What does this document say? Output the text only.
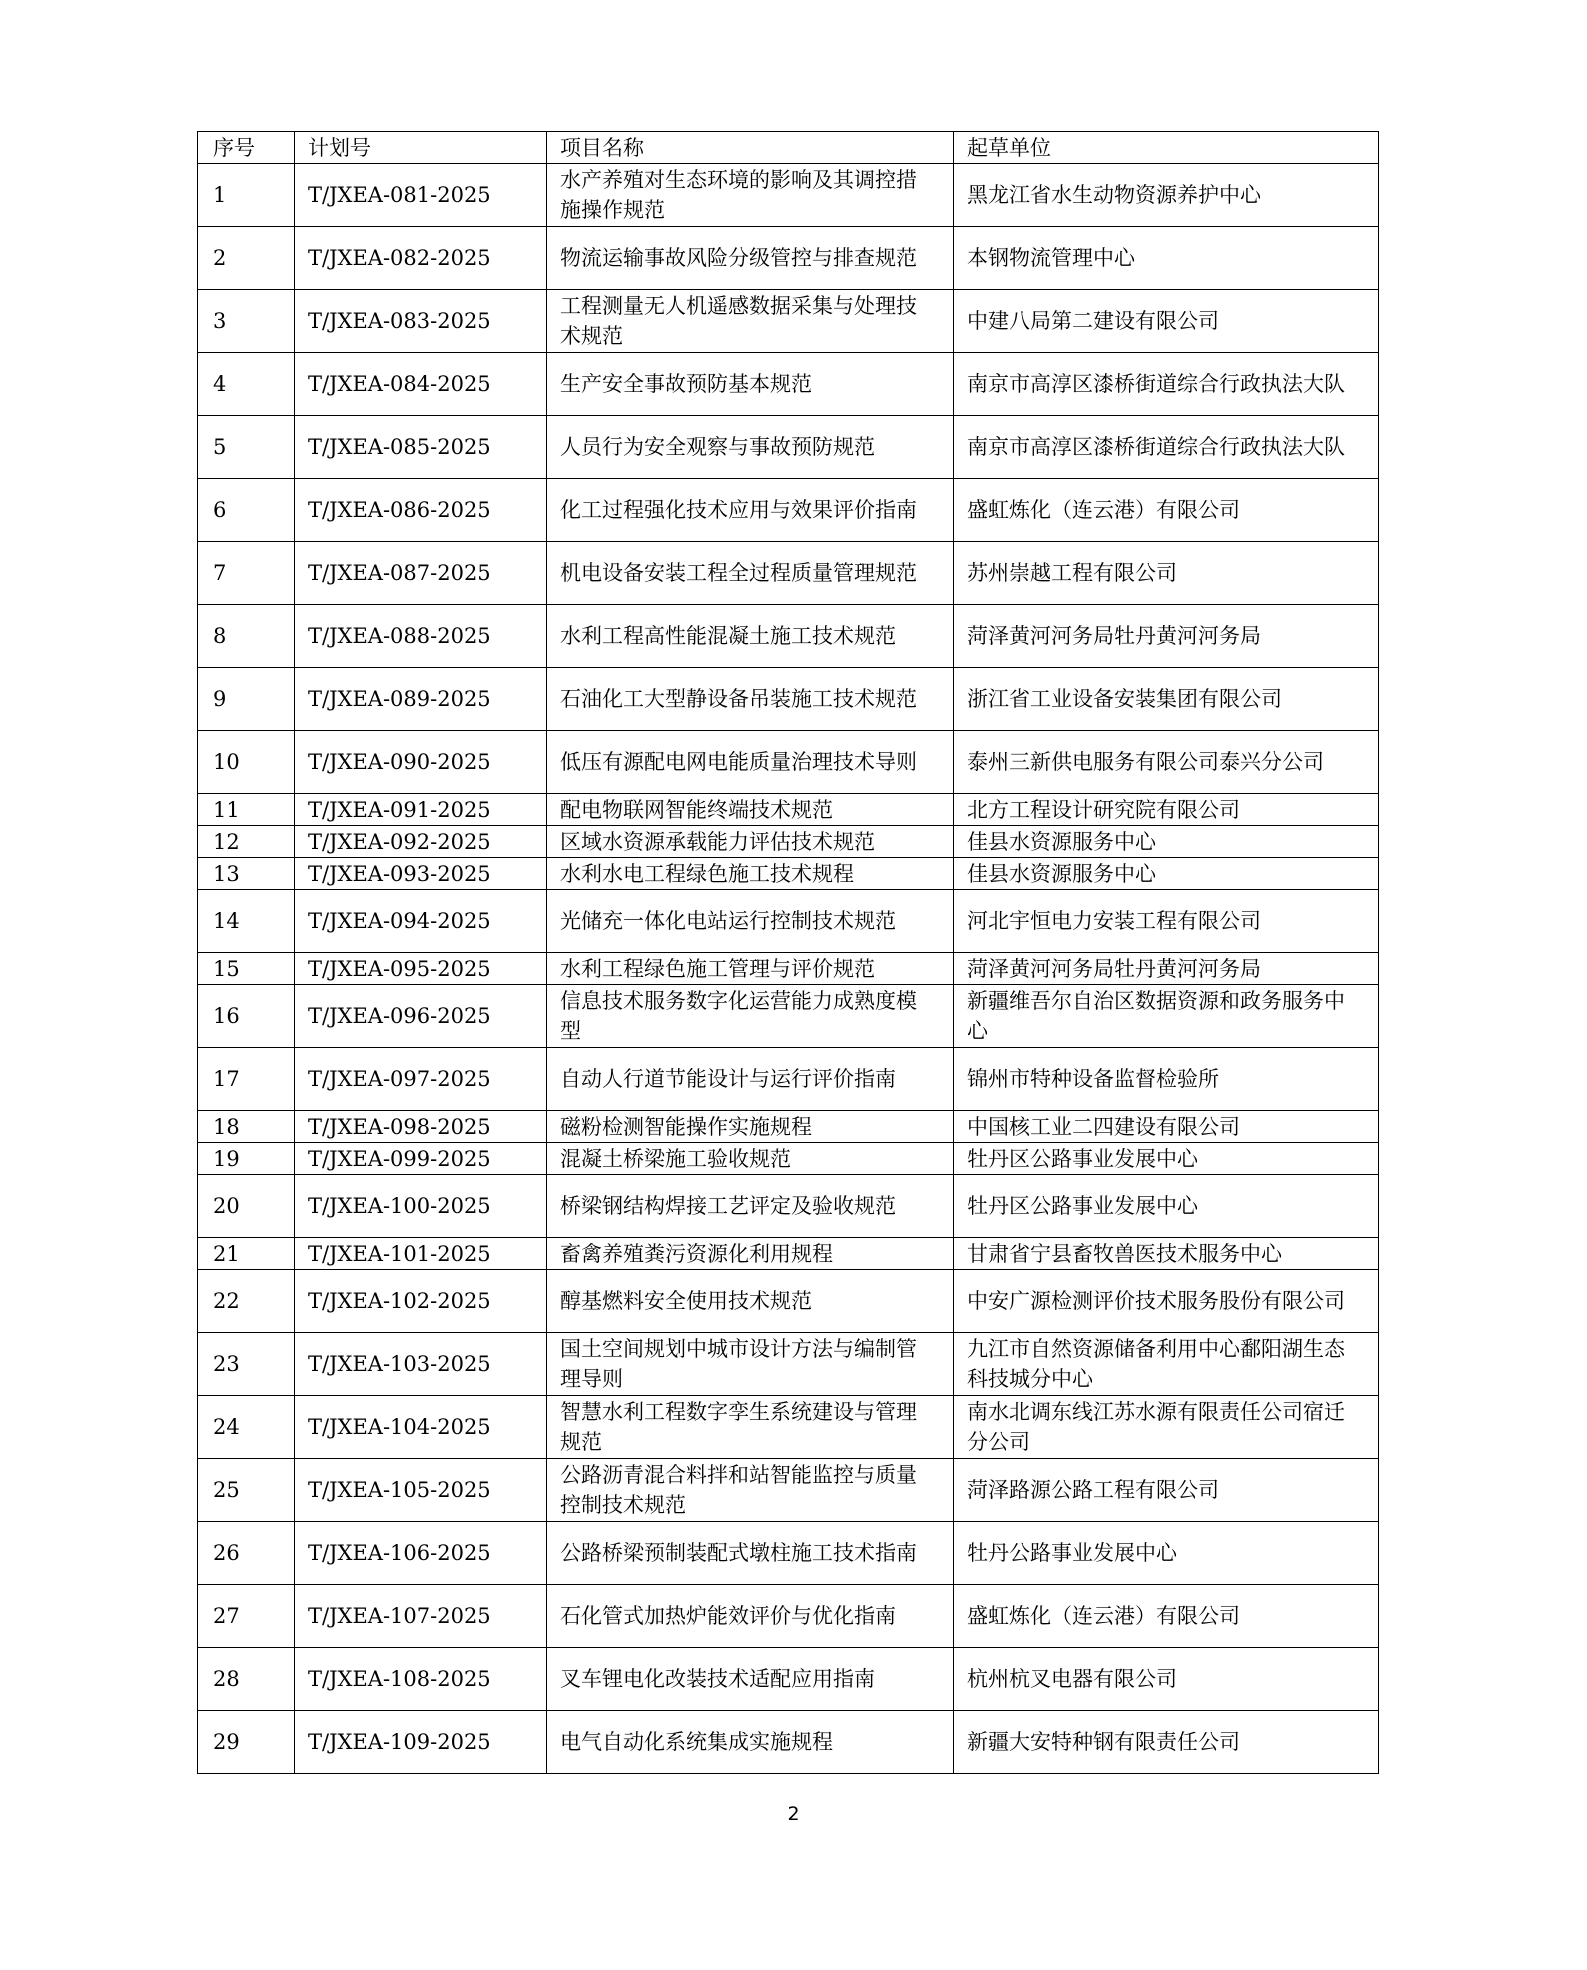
序号	计划号	项目名称	起草单位
1	T/JXEA-081-2025	水产养殖对生态环境的影响及其调控措施操作规范	黑龙江省水生动物资源养护中心
2	T/JXEA-082-2025	物流运输事故风险分级管控与排查规范	本钢物流管理中心
3	T/JXEA-083-2025	工程测量无人机遥感数据采集与处理技术规范	中建八局第二建设有限公司
4	T/JXEA-084-2025	生产安全事故预防基本规范	南京市高淳区漆桥街道综合行政执法大队
5	T/JXEA-085-2025	人员行为安全观察与事故预防规范	南京市高淳区漆桥街道综合行政执法大队
6	T/JXEA-086-2025	化工过程强化技术应用与效果评价指南	盛虹炼化（连云港）有限公司
7	T/JXEA-087-2025	机电设备安装工程全过程质量管理规范	苏州崇越工程有限公司
8	T/JXEA-088-2025	水利工程高性能混凝土施工技术规范	菏泽黄河河务局牡丹黄河河务局
9	T/JXEA-089-2025	石油化工大型静设备吊装施工技术规范	浙江省工业设备安装集团有限公司
10	T/JXEA-090-2025	低压有源配电网电能质量治理技术导则	泰州三新供电服务有限公司泰兴分公司
11	T/JXEA-091-2025	配电物联网智能终端技术规范	北方工程设计研究院有限公司
12	T/JXEA-092-2025	区域水资源承载能力评估技术规范	佳县水资源服务中心
13	T/JXEA-093-2025	水利水电工程绿色施工技术规程	佳县水资源服务中心
14	T/JXEA-094-2025	光储充一体化电站运行控制技术规范	河北宇恒电力安装工程有限公司
15	T/JXEA-095-2025	水利工程绿色施工管理与评价规范	菏泽黄河河务局牡丹黄河河务局
16	T/JXEA-096-2025	信息技术服务数字化运营能力成熟度模型	新疆维吾尔自治区数据资源和政务服务中心
17	T/JXEA-097-2025	自动人行道节能设计与运行评价指南	锦州市特种设备监督检验所
18	T/JXEA-098-2025	磁粉检测智能操作实施规程	中国核工业二四建设有限公司
19	T/JXEA-099-2025	混凝土桥梁施工验收规范	牡丹区公路事业发展中心
20	T/JXEA-100-2025	桥梁钢结构焊接工艺评定及验收规范	牡丹区公路事业发展中心
21	T/JXEA-101-2025	畜禽养殖粪污资源化利用规程	甘肃省宁县畜牧兽医技术服务中心
22	T/JXEA-102-2025	醇基燃料安全使用技术规范	中安广源检测评价技术服务股份有限公司
23	T/JXEA-103-2025	国土空间规划中城市设计方法与编制管理导则	九江市自然资源储备利用中心鄱阳湖生态科技城分中心
24	T/JXEA-104-2025	智慧水利工程数字孪生系统建设与管理规范	南水北调东线江苏水源有限责任公司宿迁分公司
25	T/JXEA-105-2025	公路沥青混合料拌和站智能监控与质量控制技术规范	菏泽路源公路工程有限公司
26	T/JXEA-106-2025	公路桥梁预制装配式墩柱施工技术指南	牡丹公路事业发展中心
27	T/JXEA-107-2025	石化管式加热炉能效评价与优化指南	盛虹炼化（连云港）有限公司
28	T/JXEA-108-2025	叉车锂电化改装技术适配应用指南	杭州杭叉电器有限公司
29	T/JXEA-109-2025	电气自动化系统集成实施规程	新疆大安特种钢有限责任公司
2
